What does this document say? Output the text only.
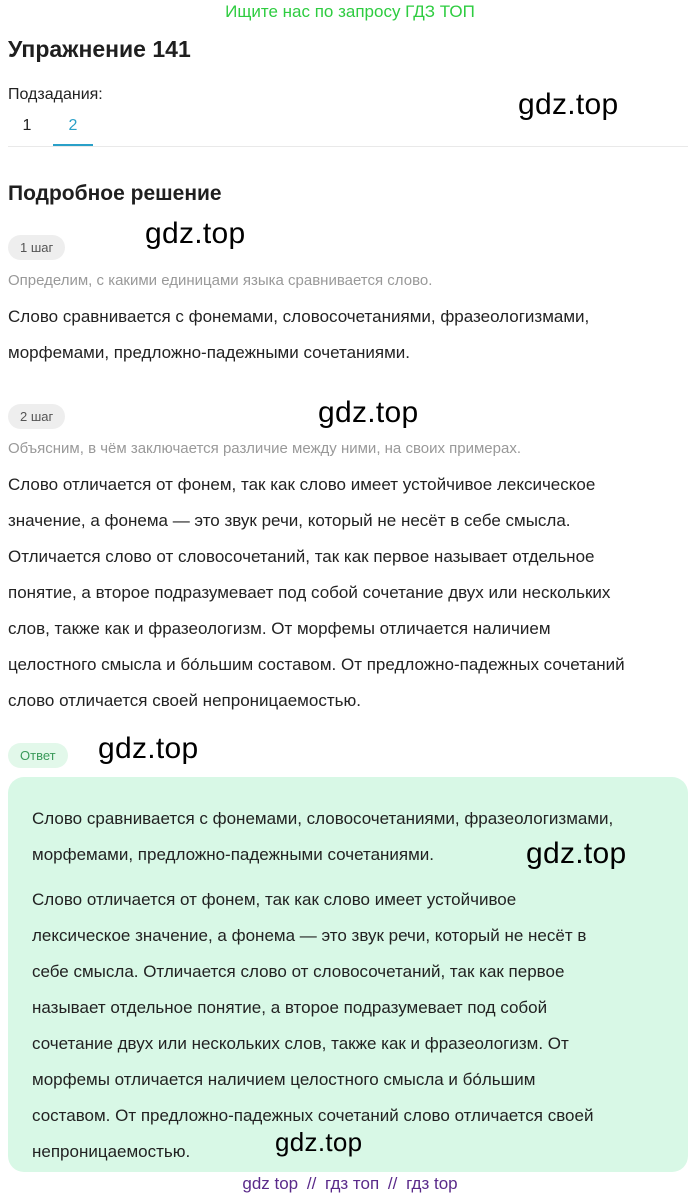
Ищите нас по запросу ГДЗ ТОП
Упражнение 141
Подзадания:
1	2
gdz.top
Подробное решение
1 шаг	gdz.top
Определим, с какими единицами языка сравнивается слово.
Слово сравнивается с фонемами, словосочетаниями, фразеологизмами,
морфемами, предложно-падежными сочетаниями.
2 шаг	gdz.top
Объясним, в чём заключается различие между ними, на своих примерах.
Слово отличается от фонем, так как слово имеет устойчивое лексическое
значение, а фонема — это звук речи, который не несёт в себе смысла.
Отличается слово от словосочетаний, так как первое называет отдельное
понятие, а второе подразумевает под собой сочетание двух или нескольких
слов, также как и фразеологизм. От морфемы отличается наличием
целостного смысла и бо́льшим составом. От предложно-падежных сочетаний
слово отличается своей непроницаемостью.
Ответ	gdz.top
Слово сравнивается с фонемами, словосочетаниями, фразеологизмами,
морфемами, предложно-падежными сочетаниями.	gdz.top
Слово отличается от фонем, так как слово имеет устойчивое
лексическое значение, а фонема — это звук речи, который не несёт в
себе смысла. Отличается слово от словосочетаний, так как первое
называет отдельное понятие, а второе подразумевает под собой
сочетание двух или нескольких слов, также как и фразеологизм. От
морфемы отличается наличием целостного смысла и бо́льшим
составом. От предложно-падежных сочетаний слово отличается своей
непроницаемостью.	gdz.top
gdz top // гдз топ // гдз top
